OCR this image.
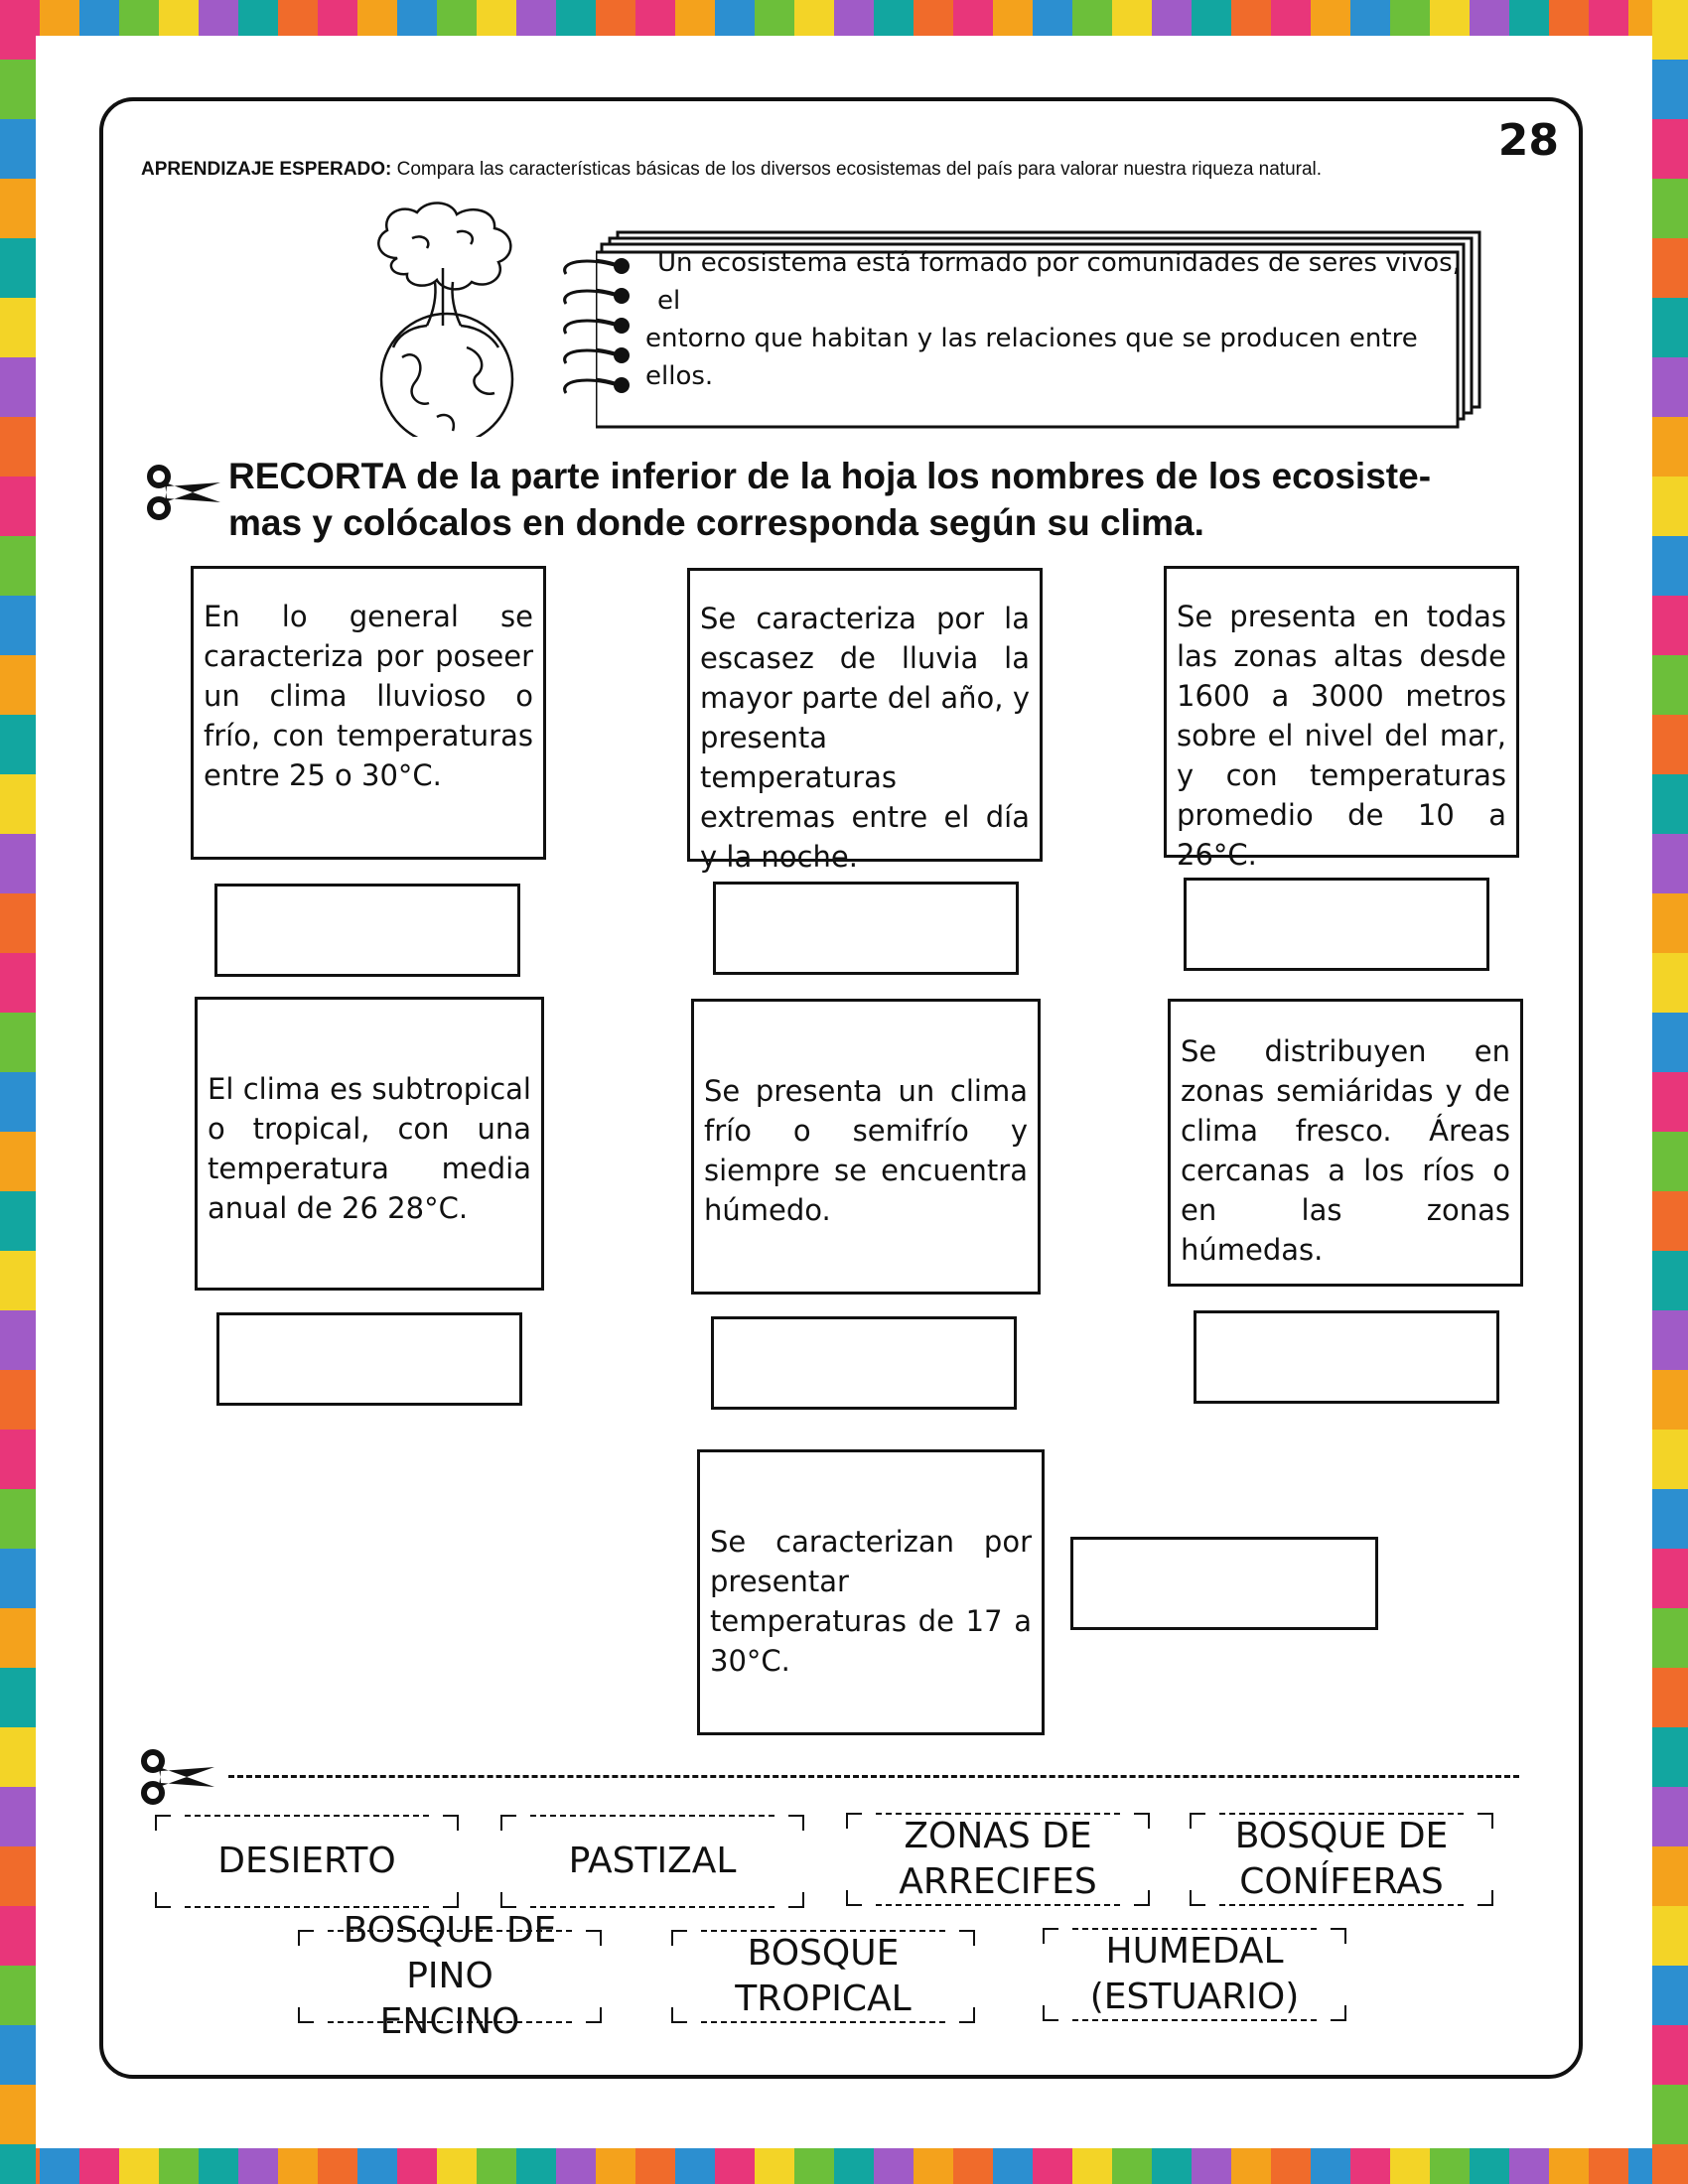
28
APRENDIZAJE ESPERADO: Compara las características básicas de los diversos ecosistemas del país para valorar nuestra riqueza natural.
Un ecosistema está formado por comunidades de seres vivos, el
entorno que habitan y las relaciones que se producen entre ellos.
RECORTA de la parte inferior de la hoja los nombres de los ecosiste-
mas y colócalos en donde corresponda según su clima.
En lo general se caracteriza por poseer un clima lluvioso o frío, con temperaturas entre 25 o 30°C.
Se caracteriza por la escasez de lluvia la mayor parte del año, y presenta temperaturas extremas entre el día y la noche.
Se presenta en todas las zonas altas desde 1600 a 3000 metros sobre el nivel del mar, y con temperaturas promedio de 10 a 26°C.
El clima es subtropical o tropical, con una temperatura media anual de 26 28°C.
Se presenta un clima frío o semifrío y siempre se encuentra húmedo.
Se distribuyen en zonas semiáridas y de clima fresco. Áreas cercanas a los ríos o en las zonas húmedas.
Se caracterizan por presentar temperaturas de 17 a 30°C.
DESIERTO	PASTIZAL
ZONAS DE
ARRECIFES
BOSQUE DE
CONÍFERAS
BOSQUE DE PINO
ENCINO
BOSQUE
TROPICAL
HUMEDAL
(ESTUARIO)
